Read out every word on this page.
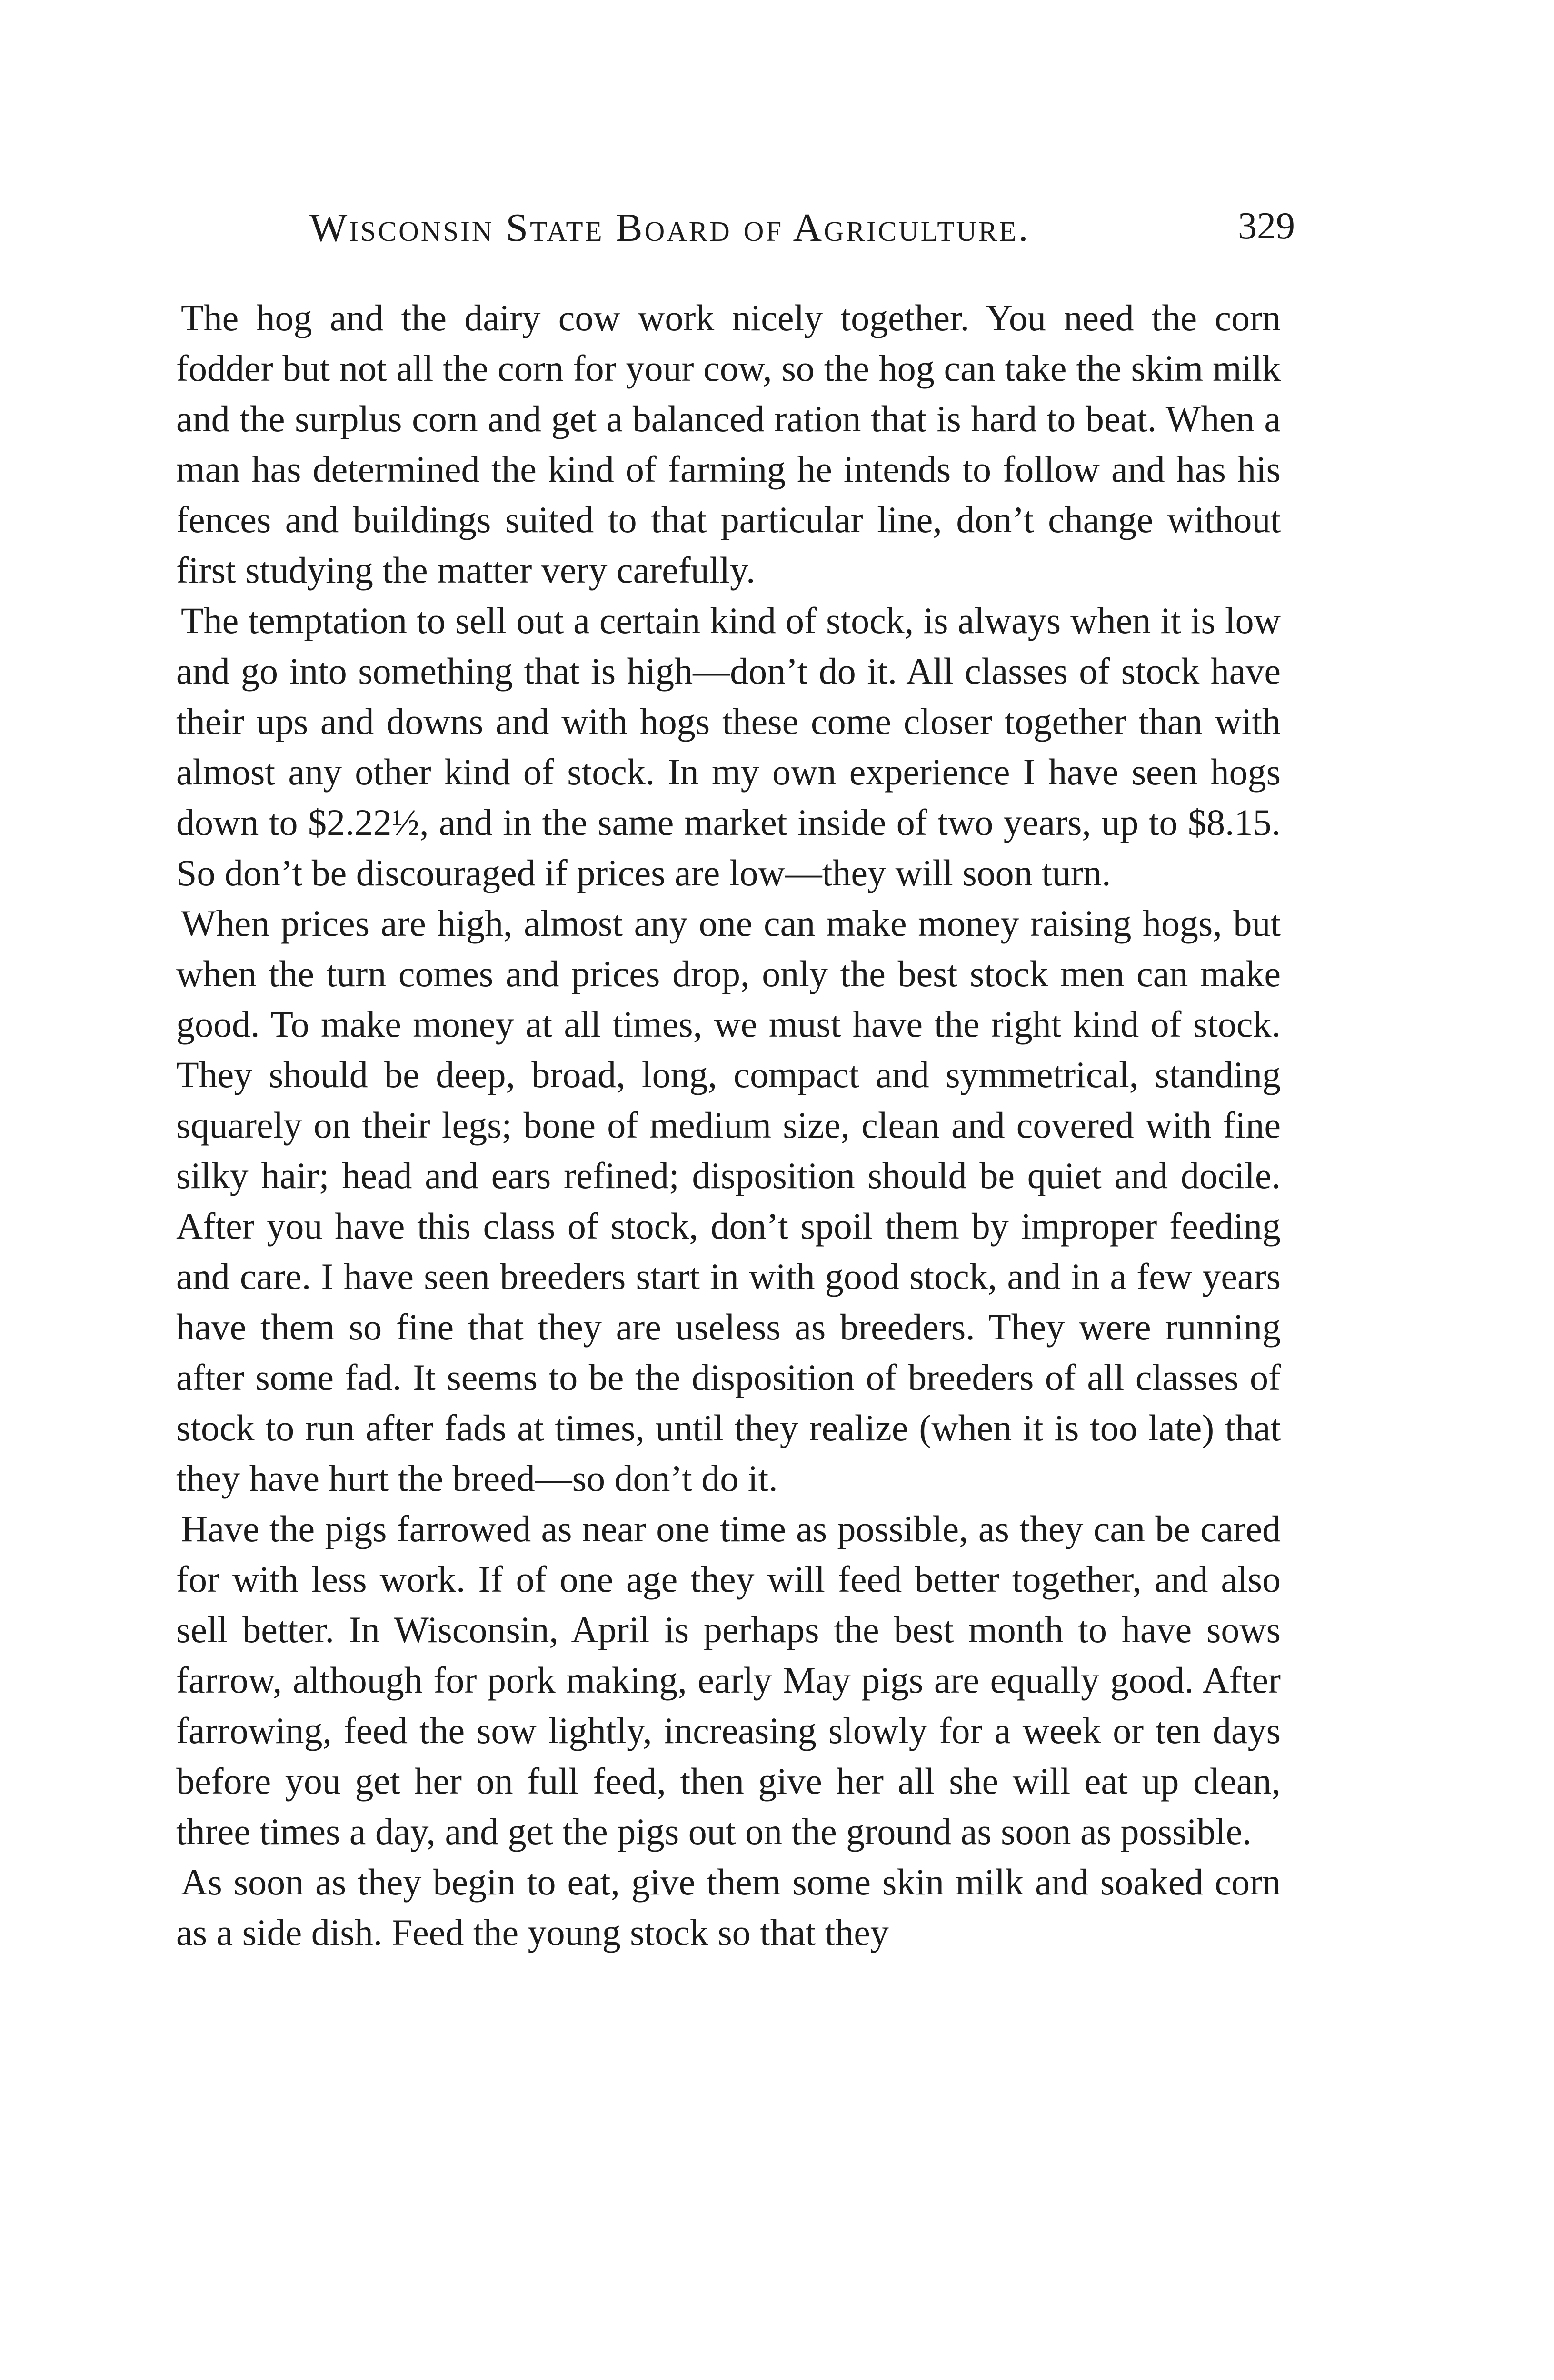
Wisconsin State Board of Agriculture.	329

The hog and the dairy cow work nicely together. You need the corn fodder but not all the corn for your cow, so the hog can take the skim milk and the surplus corn and get a balanced ration that is hard to beat. When a man has determined the kind of farming he intends to follow and has his fences and buildings suited to that particular line, don’t change without first studying the matter very carefully.

The temptation to sell out a certain kind of stock, is always when it is low and go into something that is high—don’t do it. All classes of stock have their ups and downs and with hogs these come closer together than with almost any other kind of stock. In my own experience I have seen hogs down to $2.22½, and in the same market inside of two years, up to $8.15. So don’t be discouraged if prices are low—they will soon turn.

When prices are high, almost any one can make money raising hogs, but when the turn comes and prices drop, only the best stock men can make good. To make money at all times, we must have the right kind of stock. They should be deep, broad, long, compact and symmetrical, standing squarely on their legs; bone of medium size, clean and covered with fine silky hair; head and ears refined; disposition should be quiet and docile. After you have this class of stock, don’t spoil them by improper feeding and care. I have seen breeders start in with good stock, and in a few years have them so fine that they are useless as breeders. They were running after some fad. It seems to be the disposition of breeders of all classes of stock to run after fads at times, until they realize (when it is too late) that they have hurt the breed—so don’t do it.

Have the pigs farrowed as near one time as possible, as they can be cared for with less work. If of one age they will feed better together, and also sell better. In Wisconsin, April is perhaps the best month to have sows farrow, although for pork making, early May pigs are equally good. After farrowing, feed the sow lightly, increasing slowly for a week or ten days before you get her on full feed, then give her all she will eat up clean, three times a day, and get the pigs out on the ground as soon as possible.

As soon as they begin to eat, give them some skin milk and soaked corn as a side dish. Feed the young stock so that they
